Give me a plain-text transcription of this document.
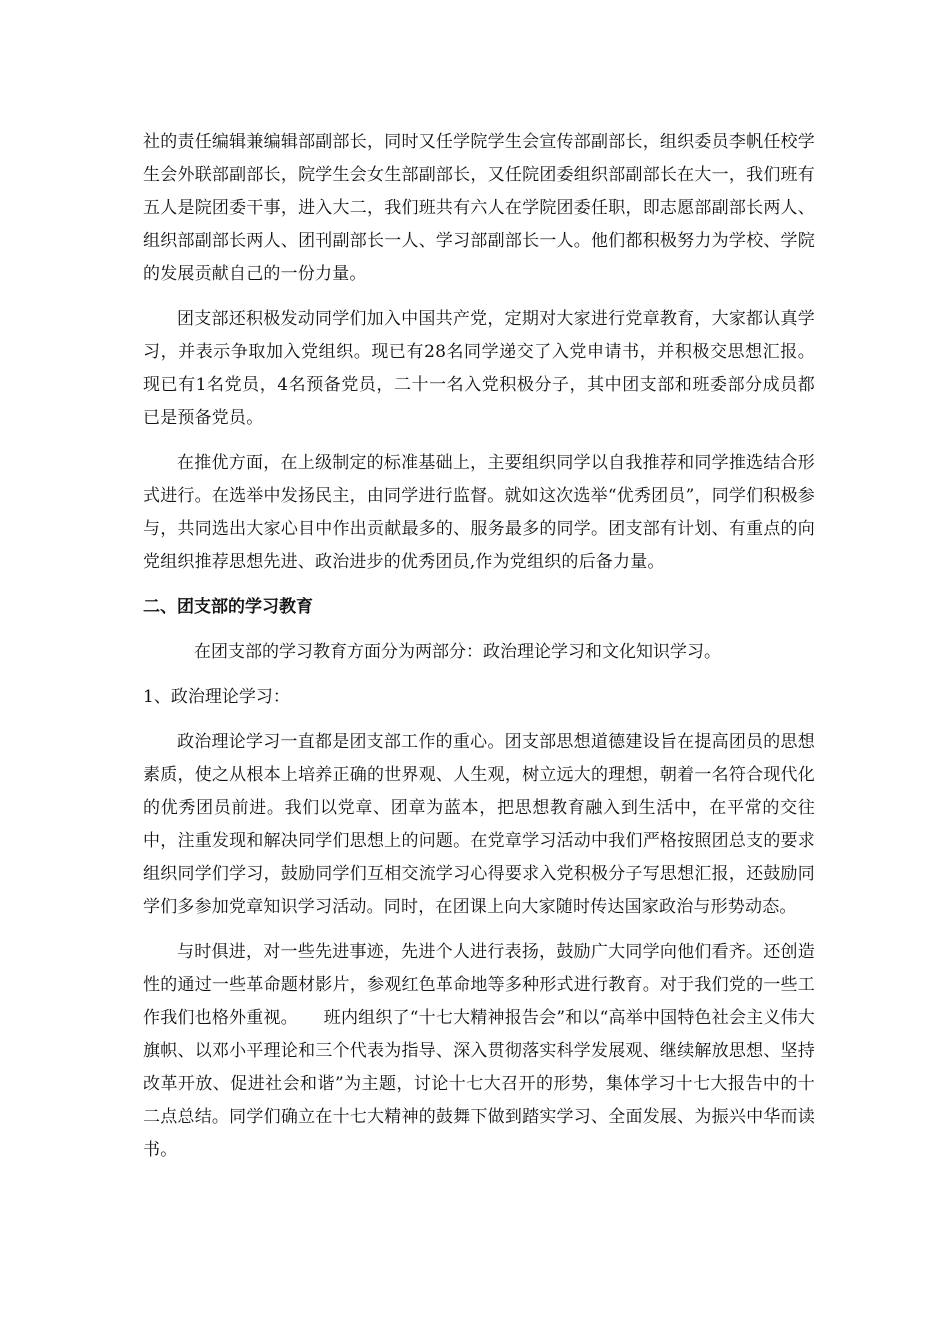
社的责任编辑兼编辑部副部长，同时又任学院学生会宣传部副部长，组织委员李帆任校学生会外联部副部长，院学生会女生部副部长，又任院团委组织部副部长在大一，我们班有五人是院团委干事，进入大二，我们班共有六人在学院团委任职，即志愿部副部长两人、组织部副部长两人、团刊副部长一人、学习部副部长一人。他们都积极努力为学校、学院的发展贡献自己的一份力量。

团支部还积极发动同学们加入中国共产党，定期对大家进行党章教育，大家都认真学习，并表示争取加入党组织。现已有28名同学递交了入党申请书，并积极交思想汇报。现已有1名党员，4名预备党员，二十一名入党积极分子，其中团支部和班委部分成员都已是预备党员。

在推优方面，在上级制定的标准基础上，主要组织同学以自我推荐和同学推选结合形式进行。在选举中发扬民主，由同学进行监督。就如这次选举“优秀团员”，同学们积极参与，共同选出大家心目中作出贡献最多的、服务最多的同学。团支部有计划、有重点的向党组织推荐思想先进、政治进步的优秀团员,作为党组织的后备力量。

二、团支部的学习教育

在团支部的学习教育方面分为两部分：政治理论学习和文化知识学习。

1、政治理论学习：

政治理论学习一直都是团支部工作的重心。团支部思想道德建设旨在提高团员的思想素质，使之从根本上培养正确的世界观、人生观，树立远大的理想，朝着一名符合现代化的优秀团员前进。我们以党章、团章为蓝本，把思想教育融入到生活中，在平常的交往中，注重发现和解决同学们思想上的问题。在党章学习活动中我们严格按照团总支的要求组织同学们学习，鼓励同学们互相交流学习心得要求入党积极分子写思想汇报，还鼓励同学们多参加党章知识学习活动。同时，在团课上向大家随时传达国家政治与形势动态。

与时俱进，对一些先进事迹，先进个人进行表扬，鼓励广大同学向他们看齐。还创造性的通过一些革命题材影片，参观红色革命地等多种形式进行教育。对于我们党的一些工作我们也格外重视。　　班内组织了“十七大精神报告会”和以“高举中国特色社会主义伟大旗帜、以邓小平理论和三个代表为指导、深入贯彻落实科学发展观、继续解放思想、坚持改革开放、促进社会和谐”为主题，讨论十七大召开的形势，集体学习十七大报告中的十二点总结。同学们确立在十七大精神的鼓舞下做到踏实学习、全面发展、为振兴中华而读书。
